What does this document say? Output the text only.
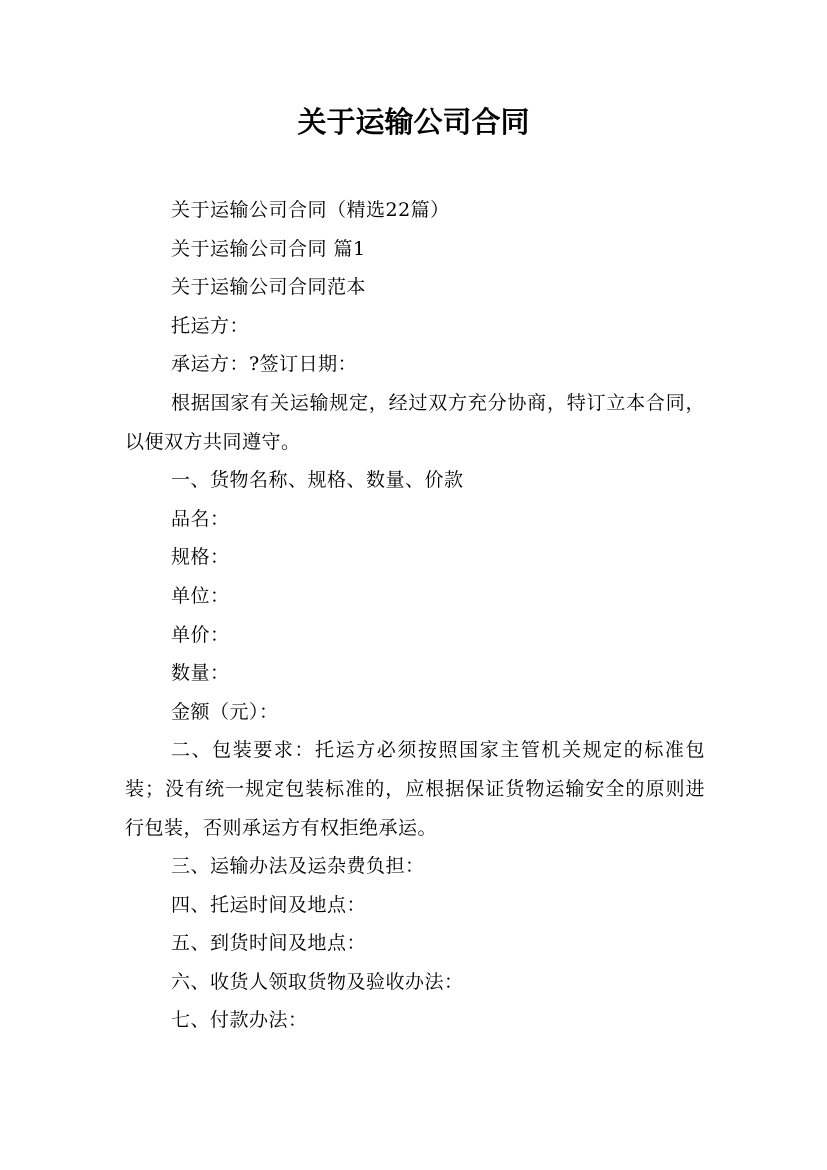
关于运输公司合同

关于运输公司合同（精选22篇）

关于运输公司合同 篇1

关于运输公司合同范本

托运方：

承运方：?签订日期：

根据国家有关运输规定，经过双方充分协商，特订立本合同，以便双方共同遵守。

一、货物名称、规格、数量、价款

品名：

规格：

单位：

单价：

数量：

金额（元）：

二、包装要求：托运方必须按照国家主管机关规定的标准包装；没有统一规定包装标准的，应根据保证货物运输安全的原则进行包装，否则承运方有权拒绝承运。

三、运输办法及运杂费负担：

四、托运时间及地点：

五、到货时间及地点：

六、收货人领取货物及验收办法：

七、付款办法：
